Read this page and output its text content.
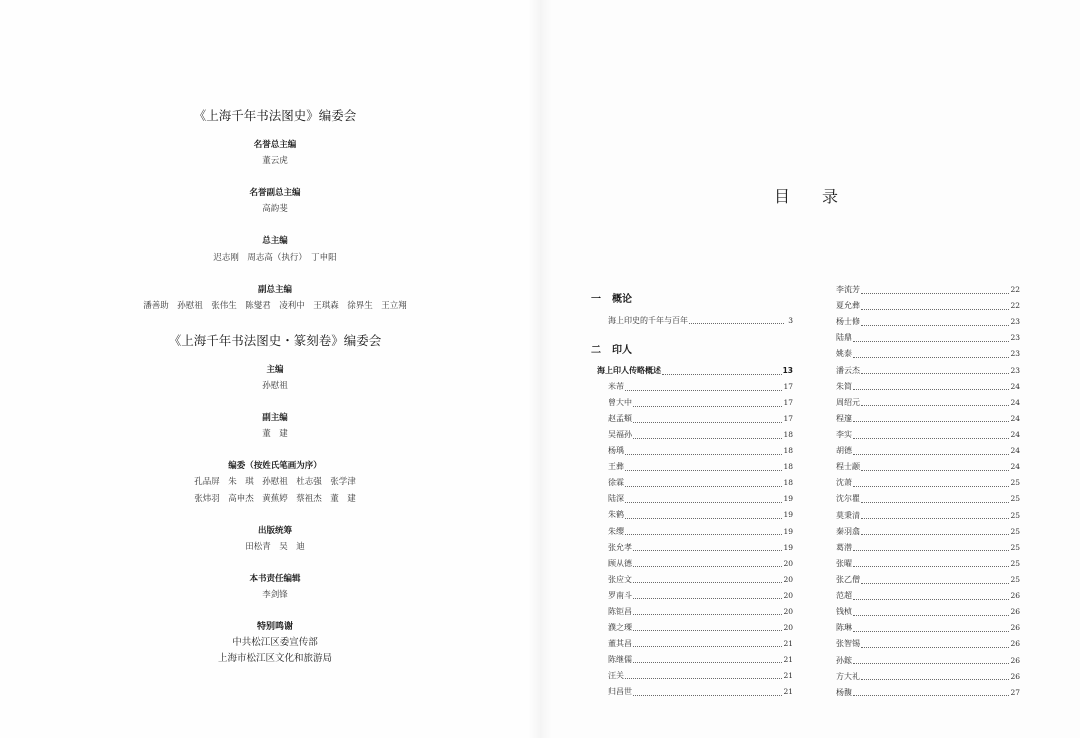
《上海千年书法图史》编委会
名誉总主编
董云虎
名誉副总主编
高韵斐
总主编
迟志刚　周志高（执行）　丁申阳
副总主编
潘善助　孙慰祖　张伟生　陈燮君　凌利中　王琪森　徐界生　王立翔
《上海千年书法图史・篆刻卷》编委会
主编
孙慰祖
副主编
董　建
编委（按姓氏笔画为序）
孔品屏　朱　琪　孙慰祖　杜志强　张学津
张炜羽　高申杰　黄蕉婷　蔡祖杰　董　建
出版统筹
田松青　吴　迪
本书责任编辑
李剑锋
特别鸣谢
中共松江区委宣传部
上海市松江区文化和旅游局
目　　录
一 概论
海上印史的千年与百年	3
二 印人
海上印人传略概述	13
米芾	17
曾大中	17
赵孟頫	17
吴福孙	18
杨瑀	18
王彝	18
徐霖	18
陆深	19
朱鹤	19
朱缨	19
张允孝	19
顾从德	20
张应文	20
罗南斗	20
陈钜昌	20
濮之瑮	20
董其昌	21
陈继儒	21
汪关	21
归昌世	21
李流芳	22
夏允彝	22
杨士修	23
陆鼎	23
姚泰	23
潘云杰	23
朱简	24
周绍元	24
程邃	24
李实	24
胡德	24
程士颛	24
沈萧	25
沈尔瞿	25
莫秉清	25
秦羽翕	25
葛潜	25
张曜	25
张乙僧	25
范超	26
钱桢	26
陈琳	26
张智锡	26
孙鋐	26
方大礼	26
杨馥	27
